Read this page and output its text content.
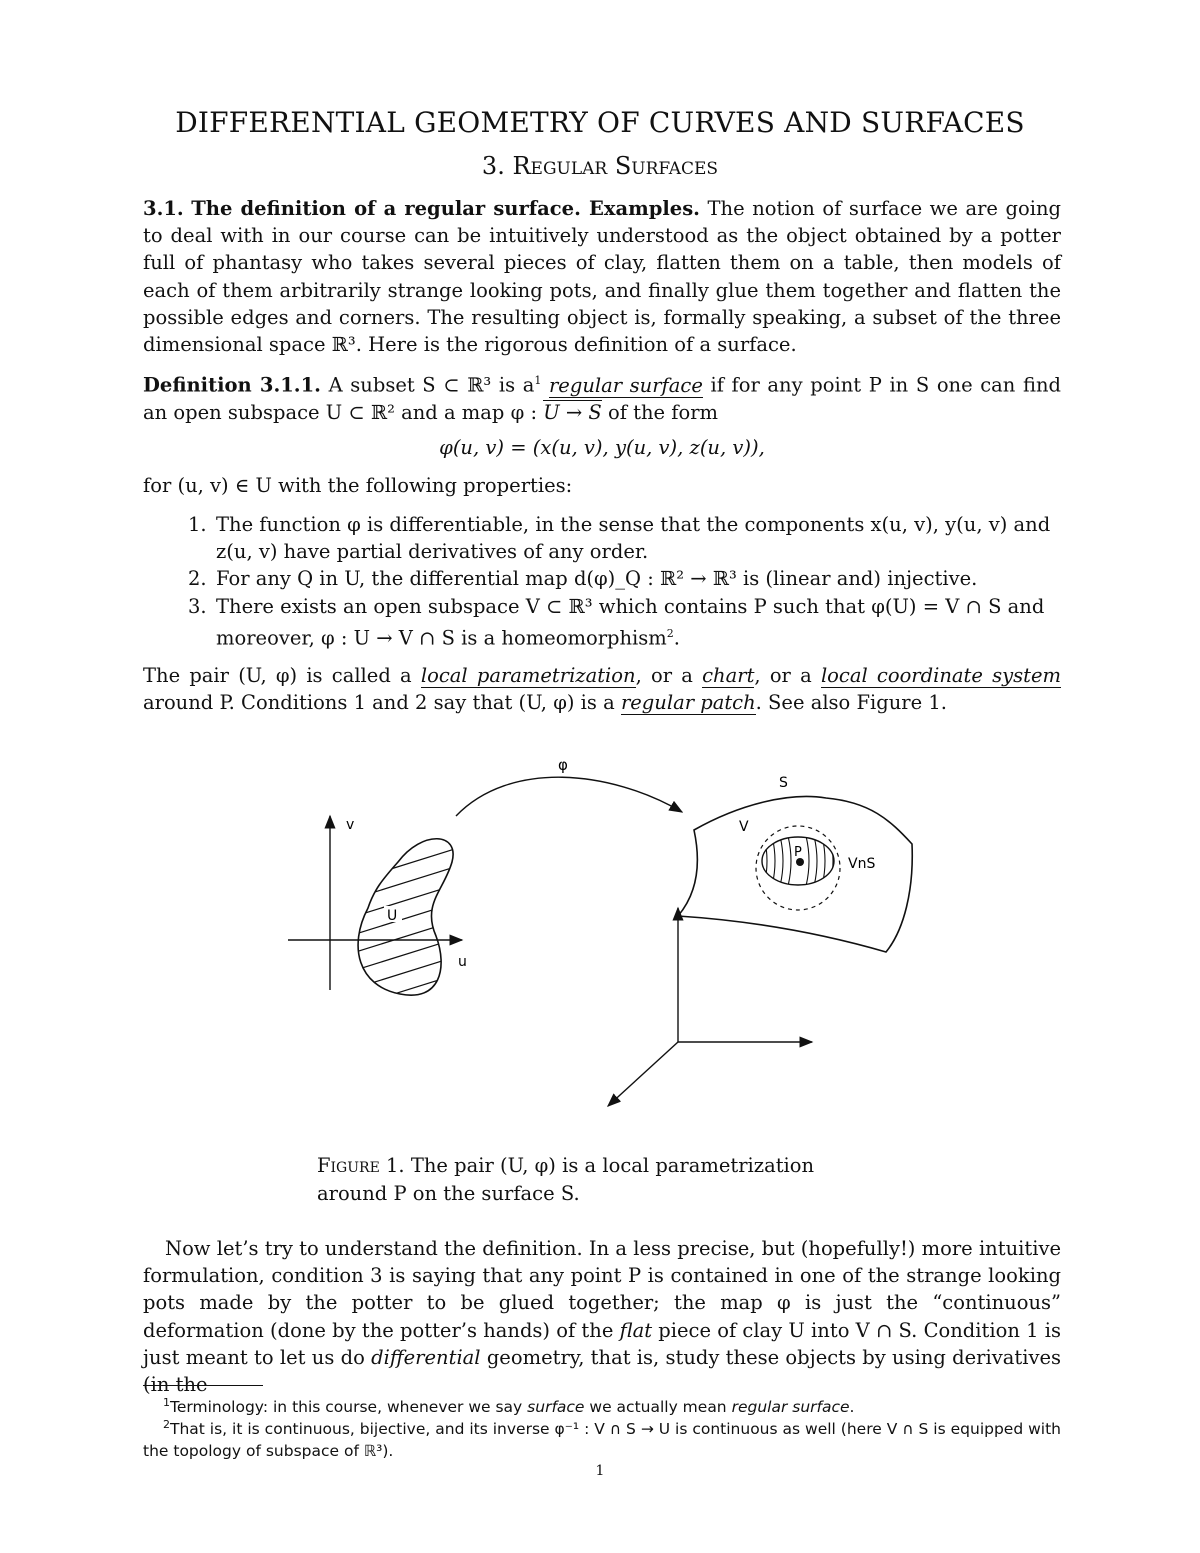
DIFFERENTIAL GEOMETRY OF CURVES AND SURFACES
3. Regular Surfaces

3.1. The definition of a regular surface. Examples. The notion of surface we are going to deal with in our course can be intuitively understood as the object obtained by a potter full of phantasy who takes several pieces of clay, flatten them on a table, then models of each of them arbitrarily strange looking pots, and finally glue them together and flatten the possible edges and corners. The resulting object is, formally speaking, a subset of the three dimensional space ℝ³. Here is the rigorous definition of a surface.

Definition 3.1.1. A subset S ⊂ ℝ³ is $a^1$ regular surface if for any point P in S one can find an open subspace U ⊂ ℝ² and a map φ : U → S of the form

φ(u, v) = (x(u, v), y(u, v), z(u, v)),

for (u, v) ∈ U with the following properties:

1. The function φ is differentiable, in the sense that the components x(u, v), y(u, v) and z(u, v) have partial derivatives of any order.
2. For any Q in U, the differential map d(φ)_Q : ℝ² → ℝ³ is (linear and) injective.
3. There exists an open subspace V ⊂ ℝ³ which contains P such that φ(U) = V ∩ S and moreover, φ : U → V ∩ S is a homeomorphism$^2$.

The pair (U, φ) is called a local parametrization, or a chart, or a local coordinate system around P. Conditions 1 and 2 say that (U, φ) is a regular patch. See also Figure 1.

v
u
U
φ
S
V
P
VnS
Figure 1. The pair (U, φ) is a local parametrization around P on the surface S.

Now let’s try to understand the definition. In a less precise, but (hopefully!) more intuitive formulation, condition 3 is saying that any point P is contained in one of the strange looking pots made by the potter to be glued together; the map φ is just the “continuous” deformation (done by the potter’s hands) of the flat piece of clay U into V ∩ S. Condition 1 is just meant to let us do differential geometry, that is, study these objects by using derivatives (in the

$^1$Terminology: in this course, whenever we say surface we actually mean regular surface.
$^2$That is, it is continuous, bijective, and its inverse φ⁻¹ : V ∩ S → U is continuous as well (here V ∩ S is equipped with the topology of subspace of ℝ³).
1
